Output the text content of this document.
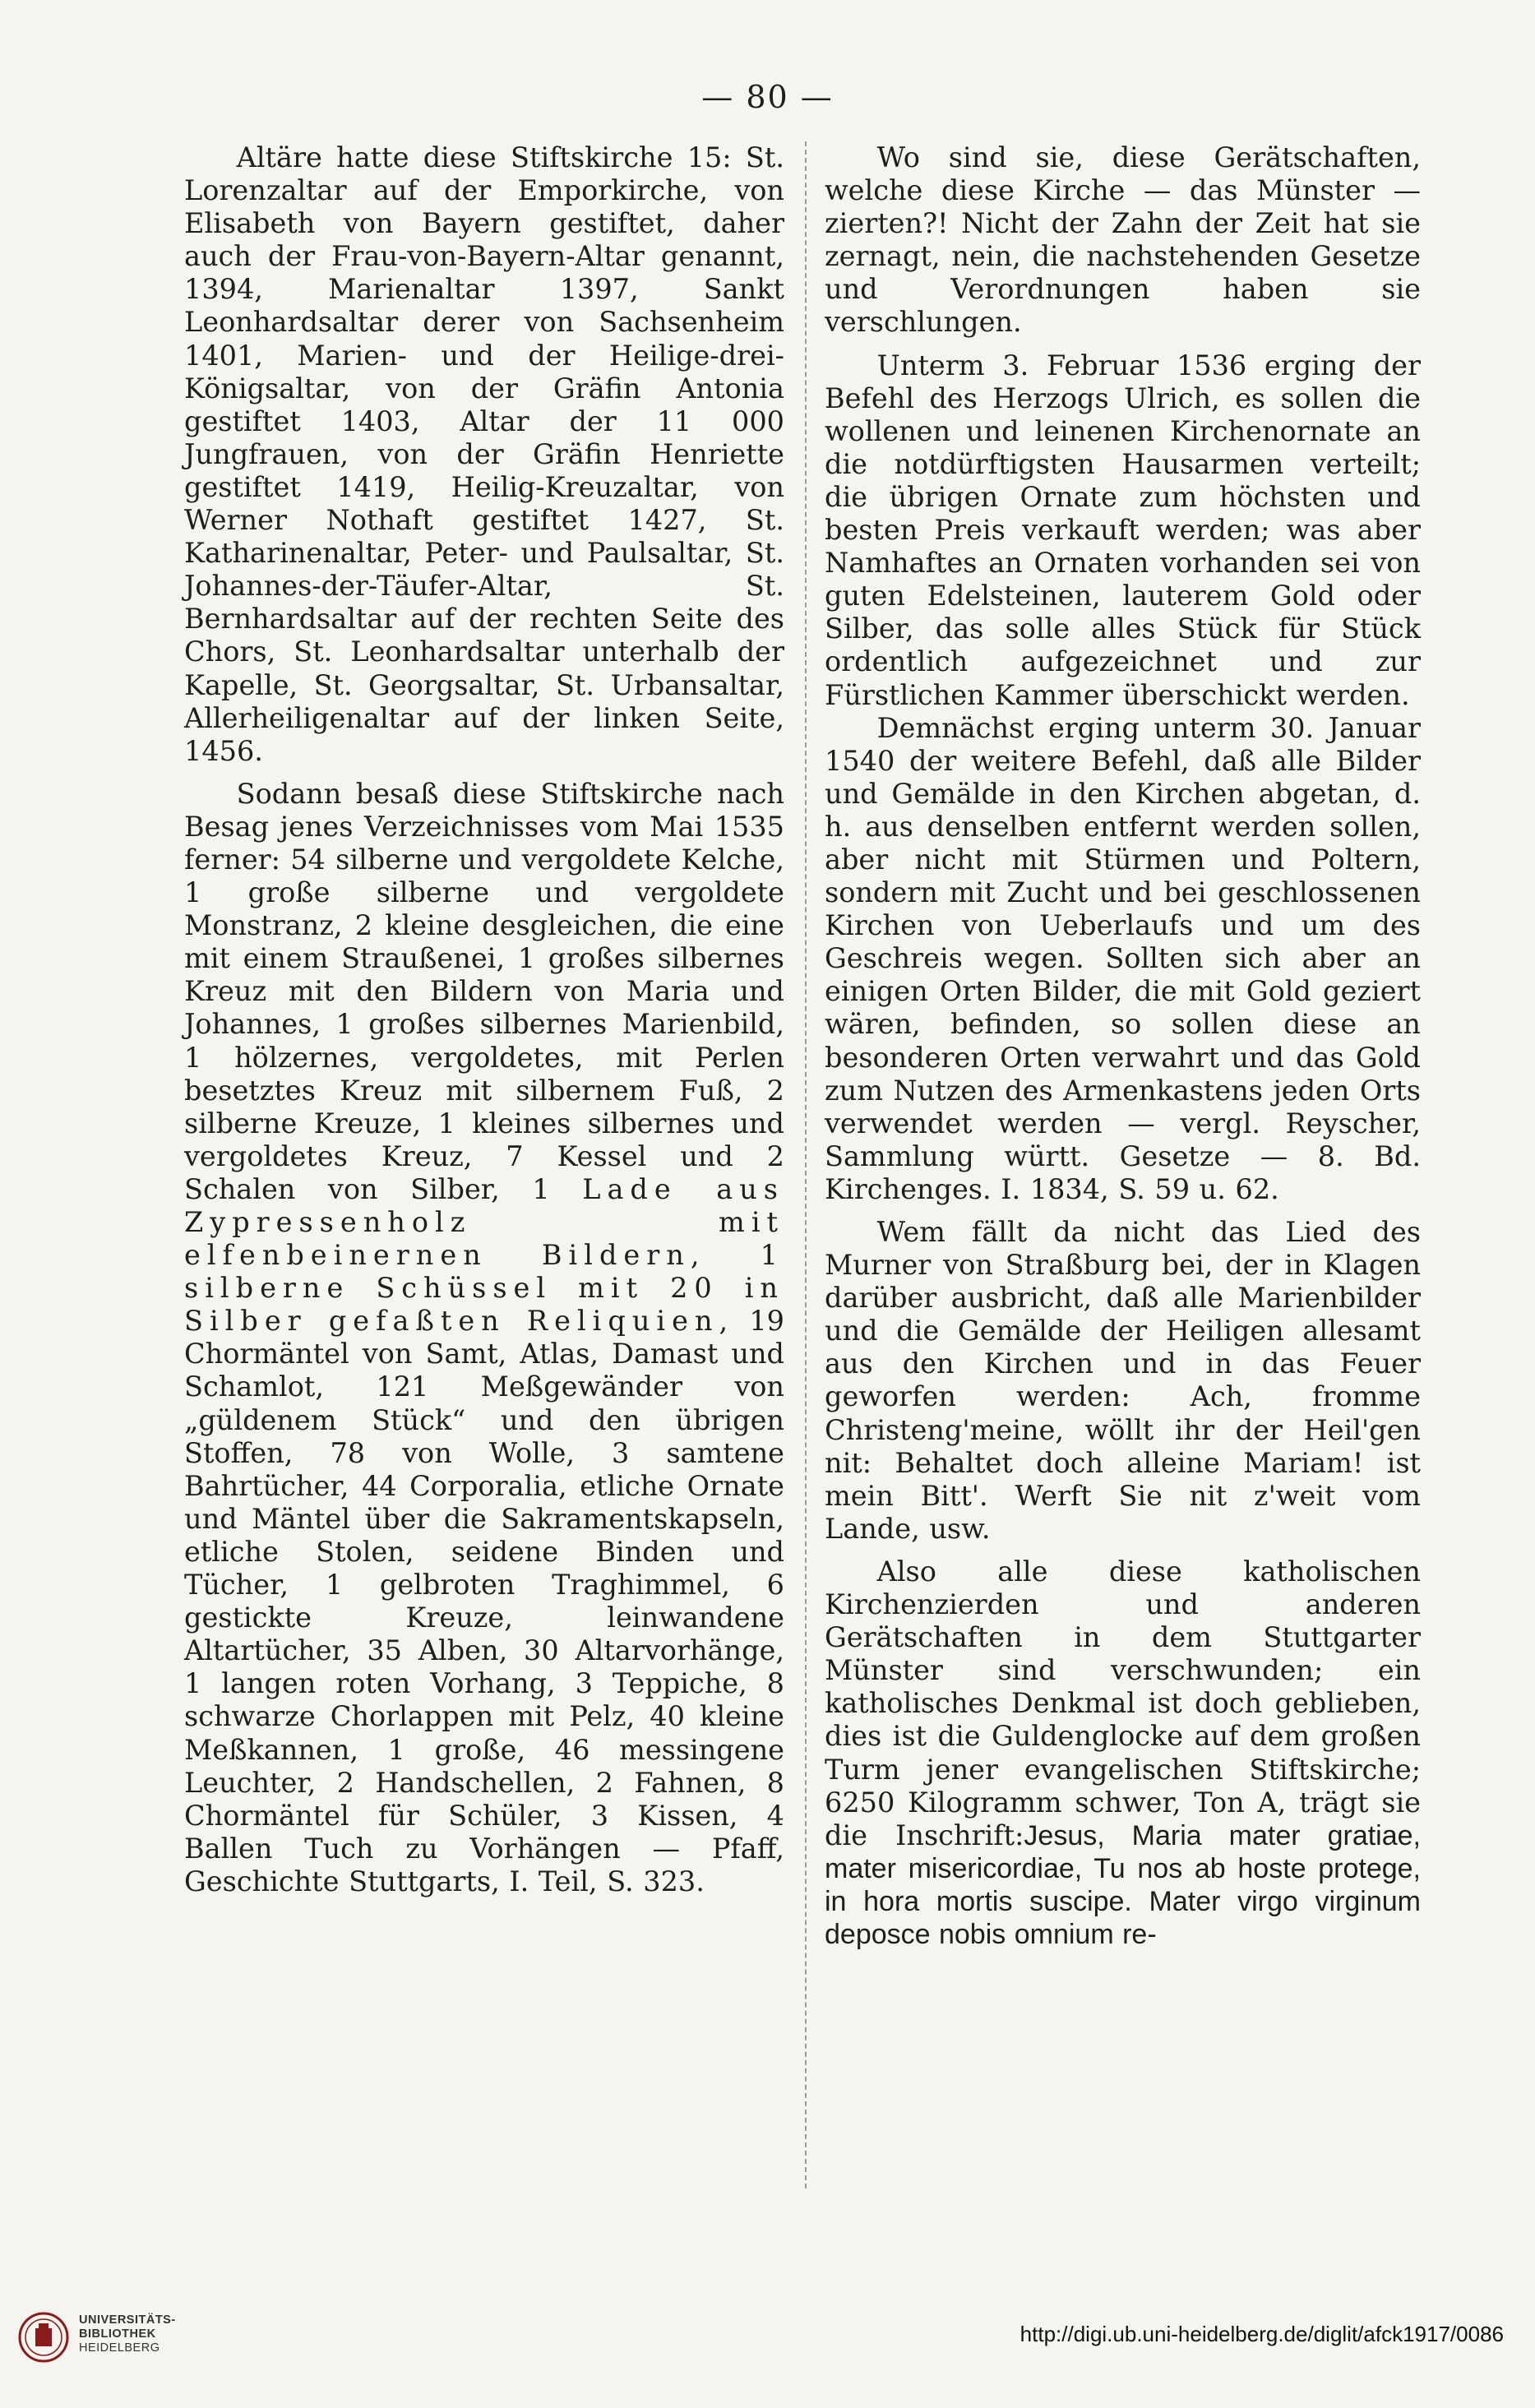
— 80 —

Altäre hatte diese Stiftskirche 15: St. Lorenzaltar auf der Emporkirche, von Elisabeth von Bayern gestiftet, daher auch der Frau-von-Bayern-Altar genannt, 1394, Marienaltar 1397, Sankt Leonhardsaltar derer von Sachsenheim 1401, Marien- und der Heilige-drei-Königsaltar, von der Gräfin Antonia gestiftet 1403, Altar der 11 000 Jungfrauen, von der Gräfin Henriette gestiftet 1419, Heilig-Kreuzaltar, von Werner Nothaft gestiftet 1427, St. Katharinenaltar, Peter- und Paulsaltar, St. Johannes-der-Täufer-Altar, St. Bernhardsaltar auf der rechten Seite des Chors, St. Leonhardsaltar unterhalb der Kapelle, St. Georgsaltar, St. Urbansaltar, Allerheiligenaltar auf der linken Seite, 1456.

Sodann besaß diese Stiftskirche nach Besag jenes Verzeichnisses vom Mai 1535 ferner: 54 silberne und vergoldete Kelche, 1 große silberne und vergoldete Monstranz, 2 kleine desgleichen, die eine mit einem Straußenei, 1 großes silbernes Kreuz mit den Bildern von Maria und Johannes, 1 großes silbernes Marienbild, 1 hölzernes, vergoldetes, mit Perlen besetztes Kreuz mit silbernem Fuß, 2 silberne Kreuze, 1 kleines silbernes und vergoldetes Kreuz, 7 Kessel und 2 Schalen von Silber, 1 Lade aus Zypressenholz mit elfenbeinernen Bildern, 1 silberne Schüssel mit 20 in Silber gefaßten Reliquien, 19 Chormäntel von Samt, Atlas, Damast und Schamlot, 121 Meßgewänder von „güldenem Stück“ und den übrigen Stoffen, 78 von Wolle, 3 samtene Bahrtücher, 44 Corporalia, etliche Ornate und Mäntel über die Sakramentskapseln, etliche Stolen, seidene Binden und Tücher, 1 gelbroten Traghimmel, 6 gestickte Kreuze, leinwandene Altartücher, 35 Alben, 30 Altarvorhänge, 1 langen roten Vorhang, 3 Teppiche, 8 schwarze Chorlappen mit Pelz, 40 kleine Meßkannen, 1 große, 46 messingene Leuchter, 2 Handschellen, 2 Fahnen, 8 Chormäntel für Schüler, 3 Kissen, 4 Ballen Tuch zu Vorhängen — Pfaff, Geschichte Stuttgarts, I. Teil, S. 323.

Wo sind sie, diese Gerätschaften, welche diese Kirche — das Münster — zierten?! Nicht der Zahn der Zeit hat sie zernagt, nein, die nachstehenden Gesetze und Verordnungen haben sie verschlungen.

Unterm 3. Februar 1536 erging der Befehl des Herzogs Ulrich, es sollen die wollenen und leinenen Kirchenornate an die notdürftigsten Hausarmen verteilt; die übrigen Ornate zum höchsten und besten Preis verkauft werden; was aber Namhaftes an Ornaten vorhanden sei von guten Edelsteinen, lauterem Gold oder Silber, das solle alles Stück für Stück ordentlich aufgezeichnet und zur Fürstlichen Kammer überschickt werden.

Demnächst erging unterm 30. Januar 1540 der weitere Befehl, daß alle Bilder und Gemälde in den Kirchen abgetan, d. h. aus denselben entfernt werden sollen, aber nicht mit Stürmen und Poltern, sondern mit Zucht und bei geschlossenen Kirchen von Ueberlaufs und um des Geschreis wegen. Sollten sich aber an einigen Orten Bilder, die mit Gold geziert wären, befinden, so sollen diese an besonderen Orten verwahrt und das Gold zum Nutzen des Armenkastens jeden Orts verwendet werden — vergl. Reyscher, Sammlung württ. Gesetze — 8. Bd. Kirchenges. I. 1834, S. 59 u. 62.

Wem fällt da nicht das Lied des Murner von Straßburg bei, der in Klagen darüber ausbricht, daß alle Marienbilder und die Gemälde der Heiligen allesamt aus den Kirchen und in das Feuer geworfen werden: Ach, fromme Christeng'meine, wöllt ihr der Heil'gen nit: Behaltet doch alleine Mariam! ist mein Bitt'. Werft Sie nit z'weit vom Lande, usw.

Also alle diese katholischen Kirchenzierden und anderen Gerätschaften in dem Stuttgarter Münster sind verschwunden; ein katholisches Denkmal ist doch geblieben, dies ist die Guldenglocke auf dem großen Turm jener evangelischen Stiftskirche; 6250 Kilogramm schwer, Ton A, trägt sie die Inschrift:Jesus, Maria mater gratiae, mater misericordiae, Tu nos ab hoste protege, in hora mortis suscipe. Mater virgo virginum deposce nobis omnium re-

UNIVERSITÄTS-
BIBLIOTHEK
HEIDELBERG
http://digi.ub.uni-heidelberg.de/diglit/afck1917/0086
